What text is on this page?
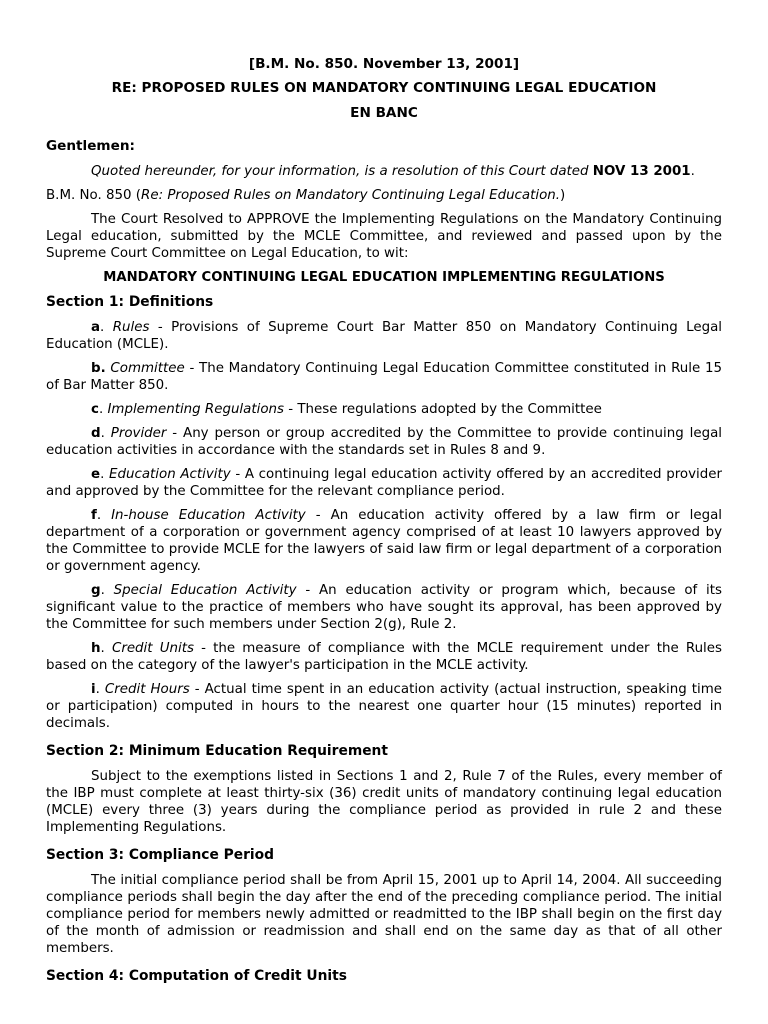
[B.M. No. 850. November 13, 2001]
RE: PROPOSED RULES ON MANDATORY CONTINUING LEGAL EDUCATION
EN BANC
Gentlemen:

Quoted hereunder, for your information, is a resolution of this Court dated NOV 13 2001.

B.M. No. 850 (Re: Proposed Rules on Mandatory Continuing Legal Education.)

The Court Resolved to APPROVE the Implementing Regulations on the Mandatory Continuing Legal education, submitted by the MCLE Committee, and reviewed and passed upon by the Supreme Court Committee on Legal Education, to wit:

MANDATORY CONTINUING LEGAL EDUCATION IMPLEMENTING REGULATIONS
Section 1: Definitions

a. Rules - Provisions of Supreme Court Bar Matter 850 on Mandatory Continuing Legal Education (MCLE).

b. Committee - The Mandatory Continuing Legal Education Committee constituted in Rule 15 of Bar Matter 850.

c. Implementing Regulations - These regulations adopted by the Committee

d. Provider - Any person or group accredited by the Committee to provide continuing legal education activities in accordance with the standards set in Rules 8 and 9.

e. Education Activity - A continuing legal education activity offered by an accredited provider and approved by the Committee for the relevant compliance period.

f. In-house Education Activity - An education activity offered by a law firm or legal department of a corporation or government agency comprised of at least 10 lawyers approved by the Committee to provide MCLE for the lawyers of said law firm or legal department of a corporation or government agency.

g. Special Education Activity - An education activity or program which, because of its significant value to the practice of members who have sought its approval, has been approved by the Committee for such members under Section 2(g), Rule 2.

h. Credit Units - the measure of compliance with the MCLE requirement under the Rules based on the category of the lawyer's participation in the MCLE activity.

i. Credit Hours - Actual time spent in an education activity (actual instruction, speaking time or participation) computed in hours to the nearest one quarter hour (15 minutes) reported in decimals.

Section 2: Minimum Education Requirement

Subject to the exemptions listed in Sections 1 and 2, Rule 7 of the Rules, every member of the IBP must complete at least thirty-six (36) credit units of mandatory continuing legal education (MCLE) every three (3) years during the compliance period as provided in rule 2 and these Implementing Regulations.

Section 3: Compliance Period

The initial compliance period shall be from April 15, 2001 up to April 14, 2004. All succeeding compliance periods shall begin the day after the end of the preceding compliance period. The initial compliance period for members newly admitted or readmitted to the IBP shall begin on the first day of the month of admission or readmission and shall end on the same day as that of all other members.

Section 4: Computation of Credit Units
